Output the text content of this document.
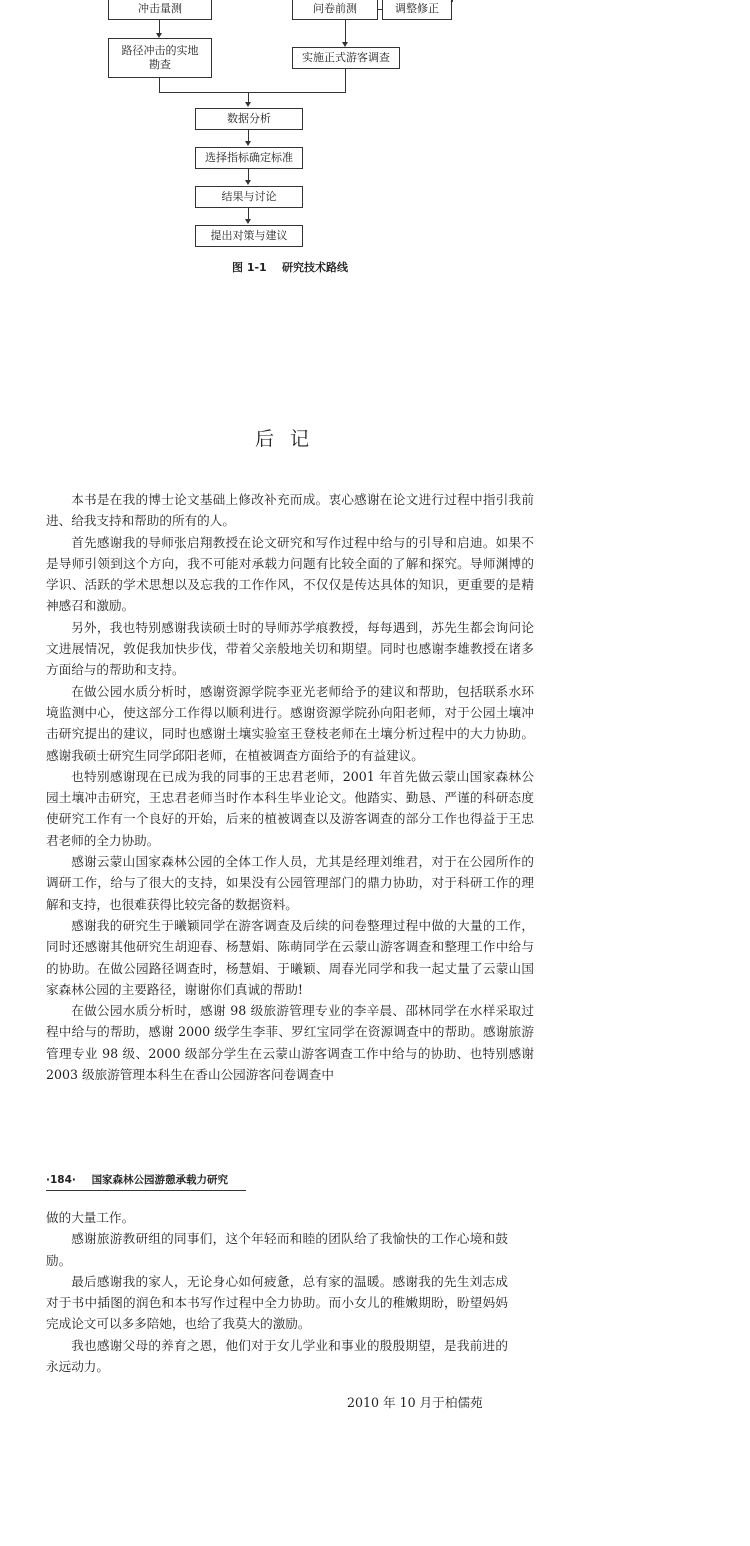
冲击量测
路径冲击的实地勘查
问卷前测	调整修正
实施正式游客调查
数据分析
选择指标确定标准
结果与讨论
提出对策与建议
图 1-1 研究技术路线
后记

本书是在我的博士论文基础上修改补充而成。衷心感谢在论文进行过程中指引我前进、给我支持和帮助的所有的人。

首先感谢我的导师张启翔教授在论文研究和写作过程中给与的引导和启迪。如果不是导师引领到这个方向，我不可能对承载力问题有比较全面的了解和探究。导师渊博的学识、活跃的学术思想以及忘我的工作作风，不仅仅是传达具体的知识，更重要的是精神感召和激励。

另外，我也特别感谢我读硕士时的导师苏学痕教授，每每遇到，苏先生都会询问论文进展情况，敦促我加快步伐，带着父亲般地关切和期望。同时也感谢李雄教授在诸多方面给与的帮助和支持。

在做公园水质分析时，感谢资源学院李亚光老师给予的建议和帮助，包括联系水环境监测中心，使这部分工作得以顺利进行。感谢资源学院孙向阳老师，对于公园土壤冲击研究提出的建议，同时也感谢土壤实验室王登枝老师在土壤分析过程中的大力协助。感谢我硕士研究生同学邱阳老师，在植被调查方面给予的有益建议。

也特别感谢现在已成为我的同事的王忠君老师，2001 年首先做云蒙山国家森林公园土壤冲击研究，王忠君老师当时作本科生毕业论文。他踏实、勤恳、严谨的科研态度使研究工作有一个良好的开始，后来的植被调查以及游客调查的部分工作也得益于王忠君老师的全力协助。

感谢云蒙山国家森林公园的全体工作人员，尤其是经理刘维君，对于在公园所作的调研工作，给与了很大的支持，如果没有公园管理部门的鼎力协助，对于科研工作的理解和支持，也很难获得比较完备的数据资料。

感谢我的研究生于曦颖同学在游客调查及后续的问卷整理过程中做的大量的工作，同时还感谢其他研究生胡迎春、杨慧娟、陈萌同学在云蒙山游客调查和整理工作中给与的协助。在做公园路径调查时，杨慧娟、于曦颖、周春光同学和我一起丈量了云蒙山国家森林公园的主要路径，谢谢你们真诚的帮助!

在做公园水质分析时，感谢 98 级旅游管理专业的李辛晨、邵林同学在水样采取过程中给与的帮助，感谢 2000 级学生李菲、罗红宝同学在资源调查中的帮助。感谢旅游管理专业 98 级、2000 级部分学生在云蒙山游客调查工作中给与的协助、也特别感谢 2003 级旅游管理本科生在香山公园游客问卷调查中

·184· 国家森林公园游憩承载力研究

做的大量工作。

感谢旅游教研组的同事们，这个年轻而和睦的团队给了我愉快的工作心境和鼓励。

最后感谢我的家人，无论身心如何疲惫，总有家的温暖。感谢我的先生刘志成对于书中插图的润色和本书写作过程中全力协助。而小女儿的稚嫩期盼，盼望妈妈完成论文可以多多陪她，也给了我莫大的激励。

我也感谢父母的养育之恩，他们对于女儿学业和事业的殷殷期望，是我前进的永远动力。

2010 年 10 月于柏儒苑
